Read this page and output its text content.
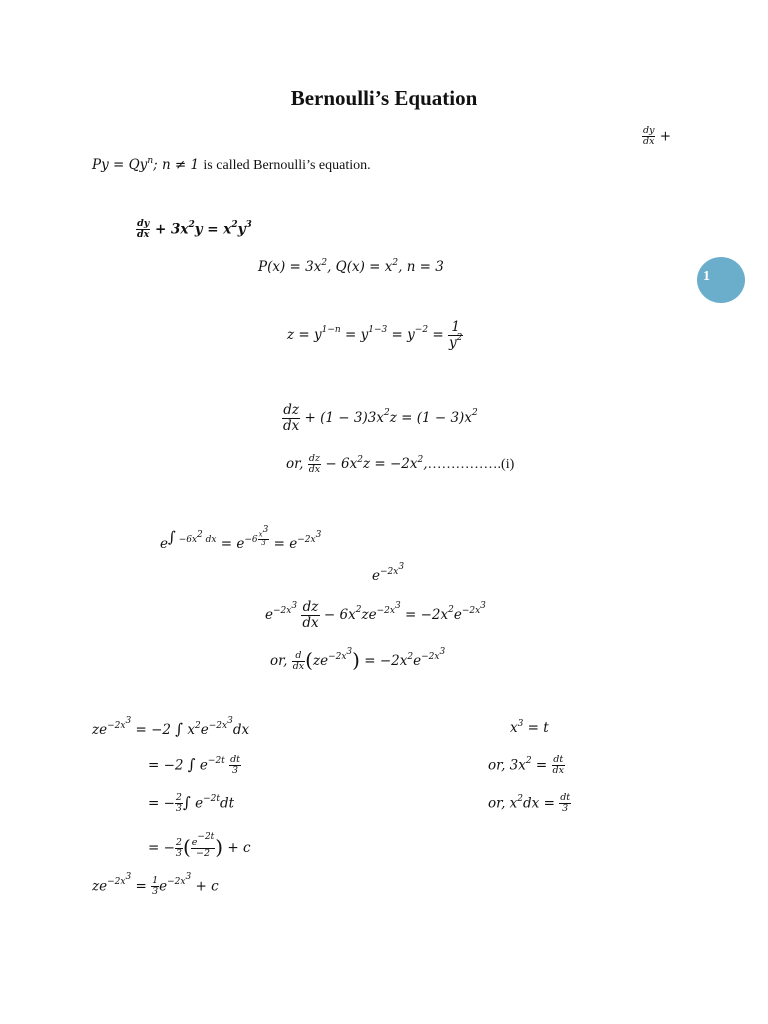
Bernoulli’s Equation
1
$\frac{dy}{dx}$ +
$Py = Qy^n$; n ≠ 1 is called Bernoulli’s equation.
$\frac{dy}{dx} + 3x^2y = x^2y^3$
$P(x) = 3x^2$, $Q(x) = x^2$, n = 3
$z = y^{1-n} = y^{1-3} = y^{-2} = \frac{1}{y^2}$
$\frac{dz}{dx} + (1 - 3)3x^2z = (1 - 3)x^2$
or, $\frac{dz}{dx} - 6x^2z$ = $-2x^2,\dots\dots\dots\dots\dots.(i)$
$e\int -6x^2$ dx = $e-6 \frac{x^3}{3} = e-2x^3$
$e-2x^3$
$e-2x^3 \frac{dz}{dx} - 6x^2ze-2x^3 = -2x^2e-2x^3$
or, $\frac{d}{dx} (ze-2x^3) = -2x^2e-2x^3$
$ze-2x^3 = -2$ ∫ $x^2e-2x^3dx$
= −2 ∫ $e-2t \frac{dt}{3}$
= − $\frac{2}{3}$ ∫ e−2tdt
= − $\frac{2}{3}$ ( $\frac{e^{-2t}}{-2}$ ) + c
$ze-2x^3 = \frac{1}{3} e-2x^3 + c$
$x^3 = t$
or, $3x^2 = \frac{dt}{dx}$
or, $x^2dx = \frac{dt}{3}$
